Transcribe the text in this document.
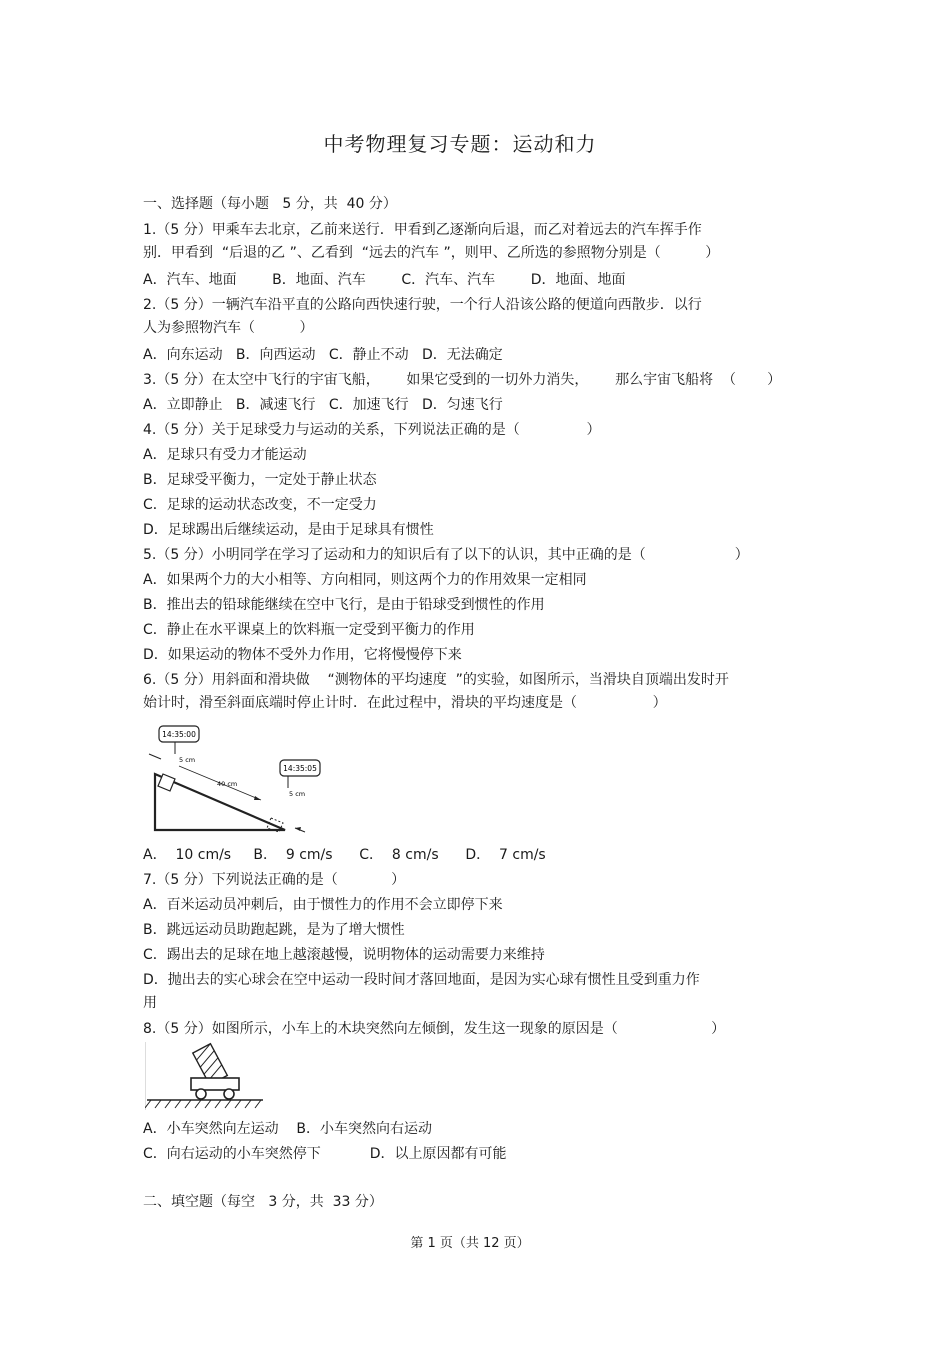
中考物理复习专题：运动和力
一、选择题（每小题   5 分，共  40 分）
1.（5 分）甲乘车去北京，乙前来送行．甲看到乙逐渐向后退，而乙对着远去的汽车挥手作
别．甲看到  “后退的乙 ”、乙看到  “远去的汽车 ”，则甲、乙所选的参照物分别是（          ）
A．汽车、地面        B．地面、汽车        C．汽车、汽车        D．地面、地面
2.（5 分）一辆汽车沿平直的公路向西快速行驶，一个行人沿该公路的便道向西散步．以行
人为参照物汽车（          ）
A．向东运动   B．向西运动   C．静止不动   D．无法确定
3.（5 分）在太空中飞行的宇宙飞船，      如果它受到的一切外力消失，      那么宇宙飞船将  （       ）
A．立即静止   B．减速飞行   C．加速飞行   D．匀速飞行
4.（5 分）关于足球受力与运动的关系，下列说法正确的是（               ）
A．足球只有受力才能运动
B．足球受平衡力，一定处于静止状态
C．足球的运动状态改变，不一定受力
D．足球踢出后继续运动，是由于足球具有惯性
5.（5 分）小明同学在学习了运动和力的知识后有了以下的认识，其中正确的是（                    ）
A．如果两个力的大小相等、方向相同，则这两个力的作用效果一定相同
B．推出去的铅球能继续在空中飞行，是由于铅球受到惯性的作用
C．静止在水平课桌上的饮料瓶一定受到平衡力的作用
D．如果运动的物体不受外力作用，它将慢慢停下来
6.（5 分）用斜面和滑块做    “测物体的平均速度  ”的实验，如图所示，当滑块自顶端出发时开
始计时，滑至斜面底端时停止计时．在此过程中，滑块的平均速度是（                 ）
14:35:00
14:35:05
5 cm
40 cm
5 cm
A．  10 cm/s     B．  9 cm/s      C．  8 cm/s      D．  7 cm/s
7.（5 分）下列说法正确的是（            ）
A．百米运动员冲刺后，由于惯性力的作用不会立即停下来
B．跳远运动员助跑起跳，是为了增大惯性
C．踢出去的足球在地上越滚越慢，说明物体的运动需要力来维持
D．抛出去的实心球会在空中运动一段时间才落回地面，是因为实心球有惯性且受到重力作
用
8.（5 分）如图所示，小车上的木块突然向左倾倒，发生这一现象的原因是（                     ）
A．小车突然向左运动    B．小车突然向右运动
C．向右运动的小车突然停下           D．以上原因都有可能
二、填空题（每空   3 分，共  33 分）
第 1 页（共 12 页）
